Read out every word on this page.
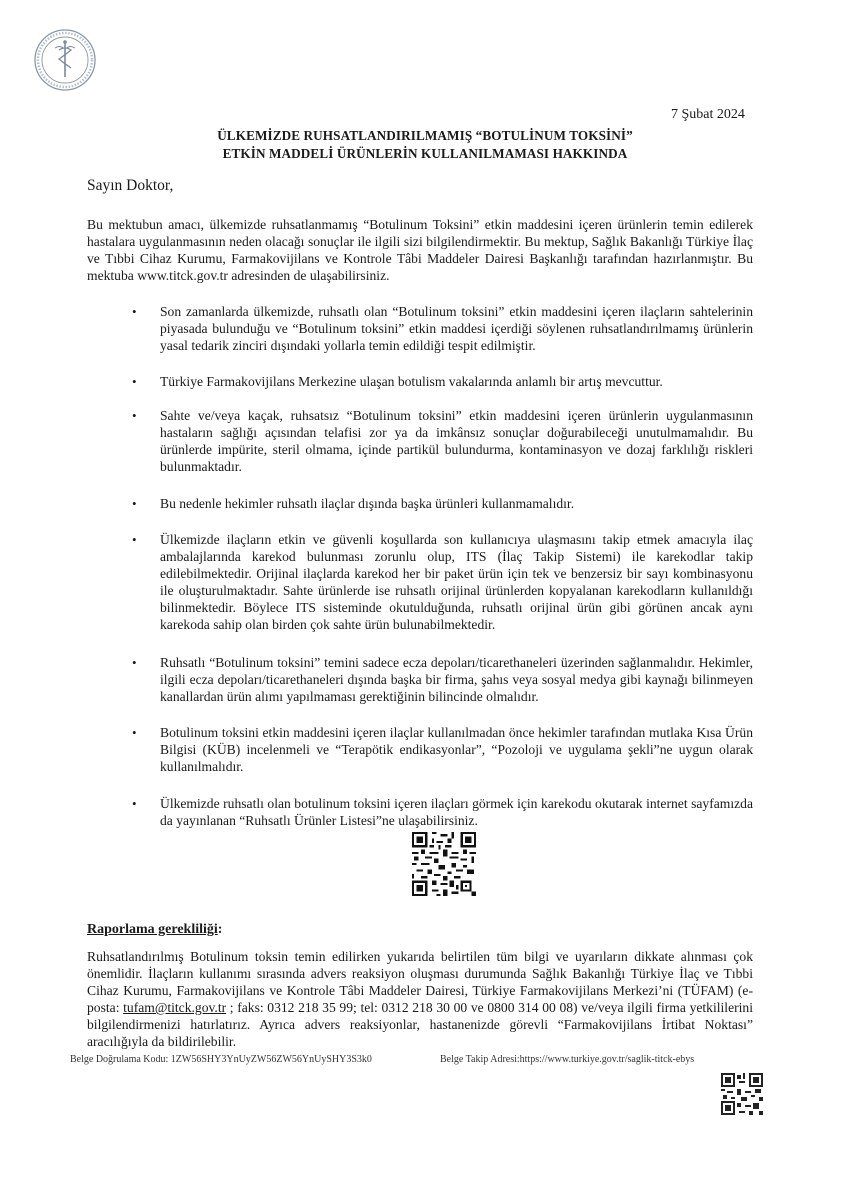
7 Şubat 2024
ÜLKEMİZDE RUHSATLANDIRILMAMIŞ “BOTULİNUM TOKSİNİ”
ETKİN MADDELİ ÜRÜNLERİN KULLANILMAMASI HAKKINDA
Sayın Doktor,
Bu mektubun amacı, ülkemizde ruhsatlanmamış “Botulinum Toksini” etkin maddesini içeren ürünlerin temin edilerek hastalara uygulanmasının neden olacağı sonuçlar ile ilgili sizi bilgilendirmektir. Bu mektup, Sağlık Bakanlığı Türkiye İlaç ve Tıbbi Cihaz Kurumu, Farmakovijilans ve Kontrole Tâbi Maddeler Dairesi Başkanlığı tarafından hazırlanmıştır. Bu mektuba www.titck.gov.tr adresinden de ulaşabilirsiniz.
• Son zamanlarda ülkemizde, ruhsatlı olan “Botulinum toksini” etkin maddesini içeren ilaçların sahtelerinin piyasada bulunduğu ve “Botulinum toksini” etkin maddesi içerdiği söylenen ruhsatlandırılmamış ürünlerin yasal tedarik zinciri dışındaki yollarla temin edildiği tespit edilmiştir.
• Türkiye Farmakovijilans Merkezine ulaşan botulism vakalarında anlamlı bir artış mevcuttur.
• Sahte ve/veya kaçak, ruhsatsız “Botulinum toksini” etkin maddesini içeren ürünlerin uygulanmasının hastaların sağlığı açısından telafisi zor ya da imkânsız sonuçlar doğurabileceği unutulmamalıdır. Bu ürünlerde impürite, steril olmama, içinde partikül bulundurma, kontaminasyon ve dozaj farklılığı riskleri bulunmaktadır.
• Bu nedenle hekimler ruhsatlı ilaçlar dışında başka ürünleri kullanmamalıdır.
• Ülkemizde ilaçların etkin ve güvenli koşullarda son kullanıcıya ulaşmasını takip etmek amacıyla ilaç ambalajlarında karekod bulunması zorunlu olup, ITS (İlaç Takip Sistemi) ile karekodlar takip edilebilmektedir. Orijinal ilaçlarda karekod her bir paket ürün için tek ve benzersiz bir sayı kombinasyonu ile oluşturulmaktadır. Sahte ürünlerde ise ruhsatlı orijinal ürünlerden kopyalanan karekodların kullanıldığı bilinmektedir. Böylece ITS sisteminde okutulduğunda, ruhsatlı orijinal ürün gibi görünen ancak aynı karekoda sahip olan birden çok sahte ürün bulunabilmektedir.
• Ruhsatlı “Botulinum toksini” temini sadece ecza depoları/ticarethaneleri üzerinden sağlanmalıdır. Hekimler, ilgili ecza depoları/ticarethaneleri dışında başka bir firma, şahıs veya sosyal medya gibi kaynağı bilinmeyen kanallardan ürün alımı yapılmaması gerektiğinin bilincinde olmalıdır.
• Botulinum toksini etkin maddesini içeren ilaçlar kullanılmadan önce hekimler tarafından mutlaka Kısa Ürün Bilgisi (KÜB) incelenmeli ve “Terapötik endikasyonlar”, “Pozoloji ve uygulama şekli”ne uygun olarak kullanılmalıdır.
• Ülkemizde ruhsatlı olan botulinum toksini içeren ilaçları görmek için karekodu okutarak internet sayfamızda da yayınlanan “Ruhsatlı Ürünler Listesi”ne ulaşabilirsiniz.
Raporlama gerekliliği:
Ruhsatlandırılmış Botulinum toksin temin edilirken yukarıda belirtilen tüm bilgi ve uyarıların dikkate alınması çok önemlidir. İlaçların kullanımı sırasında advers reaksiyon oluşması durumunda Sağlık Bakanlığı Türkiye İlaç ve Tıbbi Cihaz Kurumu, Farmakovijilans ve Kontrole Tâbi Maddeler Dairesi, Türkiye Farmakovijilans Merkezi’ni (TÜFAM) (e-posta: tufam@titck.gov.tr ; faks: 0312 218 35 99; tel: 0312 218 30 00 ve 0800 314 00 08) ve/veya ilgili firma yetkililerini bilgilendirmenizi hatırlatırız. Ayrıca advers reaksiyonlar, hastanenizde görevli “Farmakovijilans İrtibat Noktası” aracılığıyla da bildirilebilir.
Belge Doğrulama Kodu: 1ZW56SHY3YnUyZW56ZW56YnUySHY3S3k0	Belge Takip Adresi:https://www.turkiye.gov.tr/saglik-titck-ebys
